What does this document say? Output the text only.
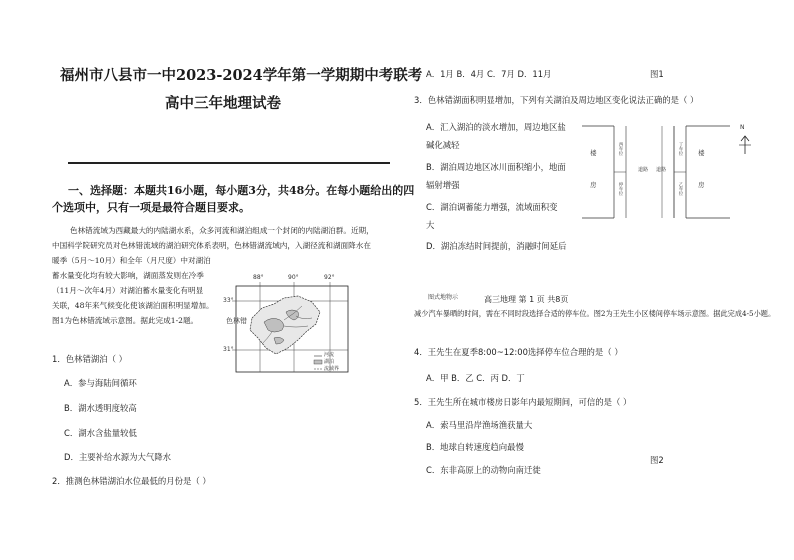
福州市八县市一中2023-2024学年第一学期期中考联考
高中三年地理试卷
一、选择题：本题共16小题，每小题3分，共48分。在每小题给出的四
个选项中，只有一项是最符合题目要求。
色林错流域为西藏最大的内陆湖水系，众多河流和湖泊组成一个封闭的内陆湖泊群。近期，
中国科学院研究员对色林错流域的湖泊研究体系表明，色林错湖流域内，入湖径流和湖面降水在
暖季（5月～10月）和全年（月尺度）中对湖泊
蓄水量变化均有较大影响，湖面蒸发则在冷季
（11月～次年4月）对湖泊蓄水量变化有明显
关联，48年来气候变化使该湖泊面积明显增加。
图1为色林错流域示意图。据此完成1-2题。
88°	90°	92°
33°
31°
色林错
河流
湖泊
流域界
1．色林错湖泊（ ）
A．参与海陆间循环
B．湖水透明度较高
C．湖水含盐量较低
D．主要补给水源为大气降水
2．推测色林错湖泊水位最低的月份是（ ）
A．1月 B．4月 C．7月 D．11月	图1
3．色林错湖面积明显增加，下列有关湖泊及周边地区变化说法正确的是（ ）
A．汇入湖泊的淡水增加，周边地区盐
碱化减轻
B．湖泊周边地区冰川面积缩小，地面
辐射增强
C．湖泊调蓄能力增强，流域面积变
大
D．湖泊冻结时间提前，消融时间延后
楼
房
西车位
停车位
道路 道路
丁车位
乙车位
楼
房
N
图式地物示	高三地理 第 1 页 共8页
减少汽车暴晒的时间，需在不同时段选择合适的停车位。图2为王先生小区楼间停车场示意图。据此完成4-5小题。
4．王先生在夏季8:00~12:00选择停车位合理的是（ ）
A．甲 B．乙 C．丙 D．丁
5．王先生所在城市楼房日影年内最短期间，可信的是（ ）
A．索马里沿岸渔场渔获量大
B．地球自转速度趋向最慢
图2
C．东非高原上的动物向南迁徙
